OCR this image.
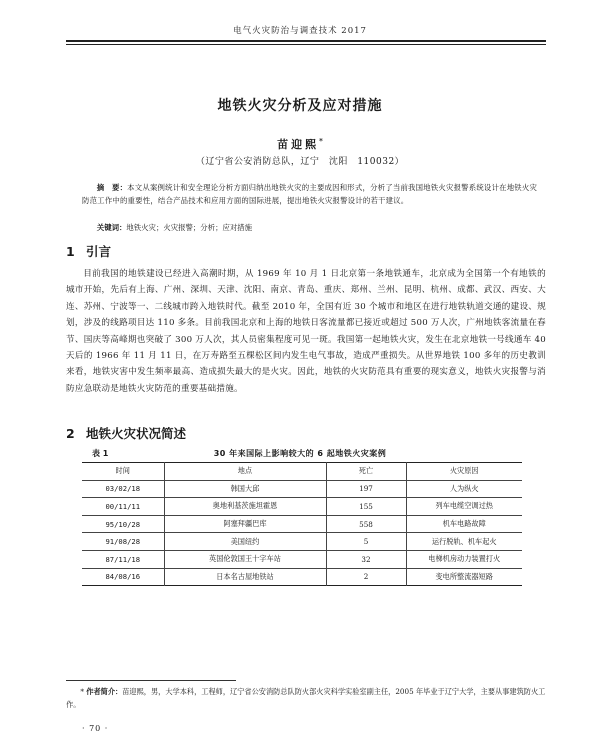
电气火灾防治与调查技术 2017
地铁火灾分析及应对措施
苗迎熙*
（辽宁省公安消防总队，辽宁　沈阳　110032）
摘　要：本文从案例统计和安全理论分析方面归纳出地铁火灾的主要成因和形式，分析了当前我国地铁火灾报警系统设计在地铁火灾防范工作中的重要性，结合产品技术和应用方面的国际进展，提出地铁火灾报警设计的若干建议。
关键词：地铁火灾；火灾报警；分析；应对措施
1 引言
目前我国的地铁建设已经进入高潮时期，从 1969 年 10 月 1 日北京第一条地铁通车，北京成为全国第一个有地铁的城市开始，先后有上海、广州、深圳、天津、沈阳、南京、青岛、重庆、郑州、兰州、昆明、杭州、成都、武汉、西安、大连、苏州、宁波等一、二线城市跨入地铁时代。截至 2010 年，全国有近 30 个城市和地区在进行地铁轨道交通的建设、规划，涉及的线路项目达 110 多条。目前我国北京和上海的地铁日客流量都已接近或超过 500 万人次，广州地铁客流量在春节、国庆等高峰期也突破了 300 万人次，其人员密集程度可见一斑。我国第一起地铁火灾，发生在北京地铁一号线通车 40 天后的 1966 年 11 月 11 日，在万寿路至五棵松区间内发生电气事故，造成严重损失。从世界地铁 100 多年的历史教训来看，地铁灾害中发生频率最高、造成损失最大的是火灾。因此，地铁的火灾防范具有重要的现实意义，地铁火灾报警与消防应急联动是地铁火灾防范的重要基础措施。
2 地铁火灾状况简述
表 1	30 年来国际上影响较大的 6 起地铁火灾案例
时间	地点	死亡	火灾原因
03/02/18	韩国大邱	197	人为纵火
00/11/11	奥地利基茨施坦霍恩	155	列车电缆空调过热
95/10/28	阿塞拜疆巴库	558	机车电路故障
91/08/28	美国纽约	5	运行脱轨、机车起火
87/11/18	英国伦敦国王十字车站	32	电梯机房动力装置打火
84/08/16	日本名古屋地铁站	2	变电所整流器短路
* 作者简介：苗迎熙，男，大学本科，工程师，辽宁省公安消防总队防火部火灾科学实验室副主任，2005 年毕业于辽宁大学，主要从事建筑防火工作。
· 70 ·
